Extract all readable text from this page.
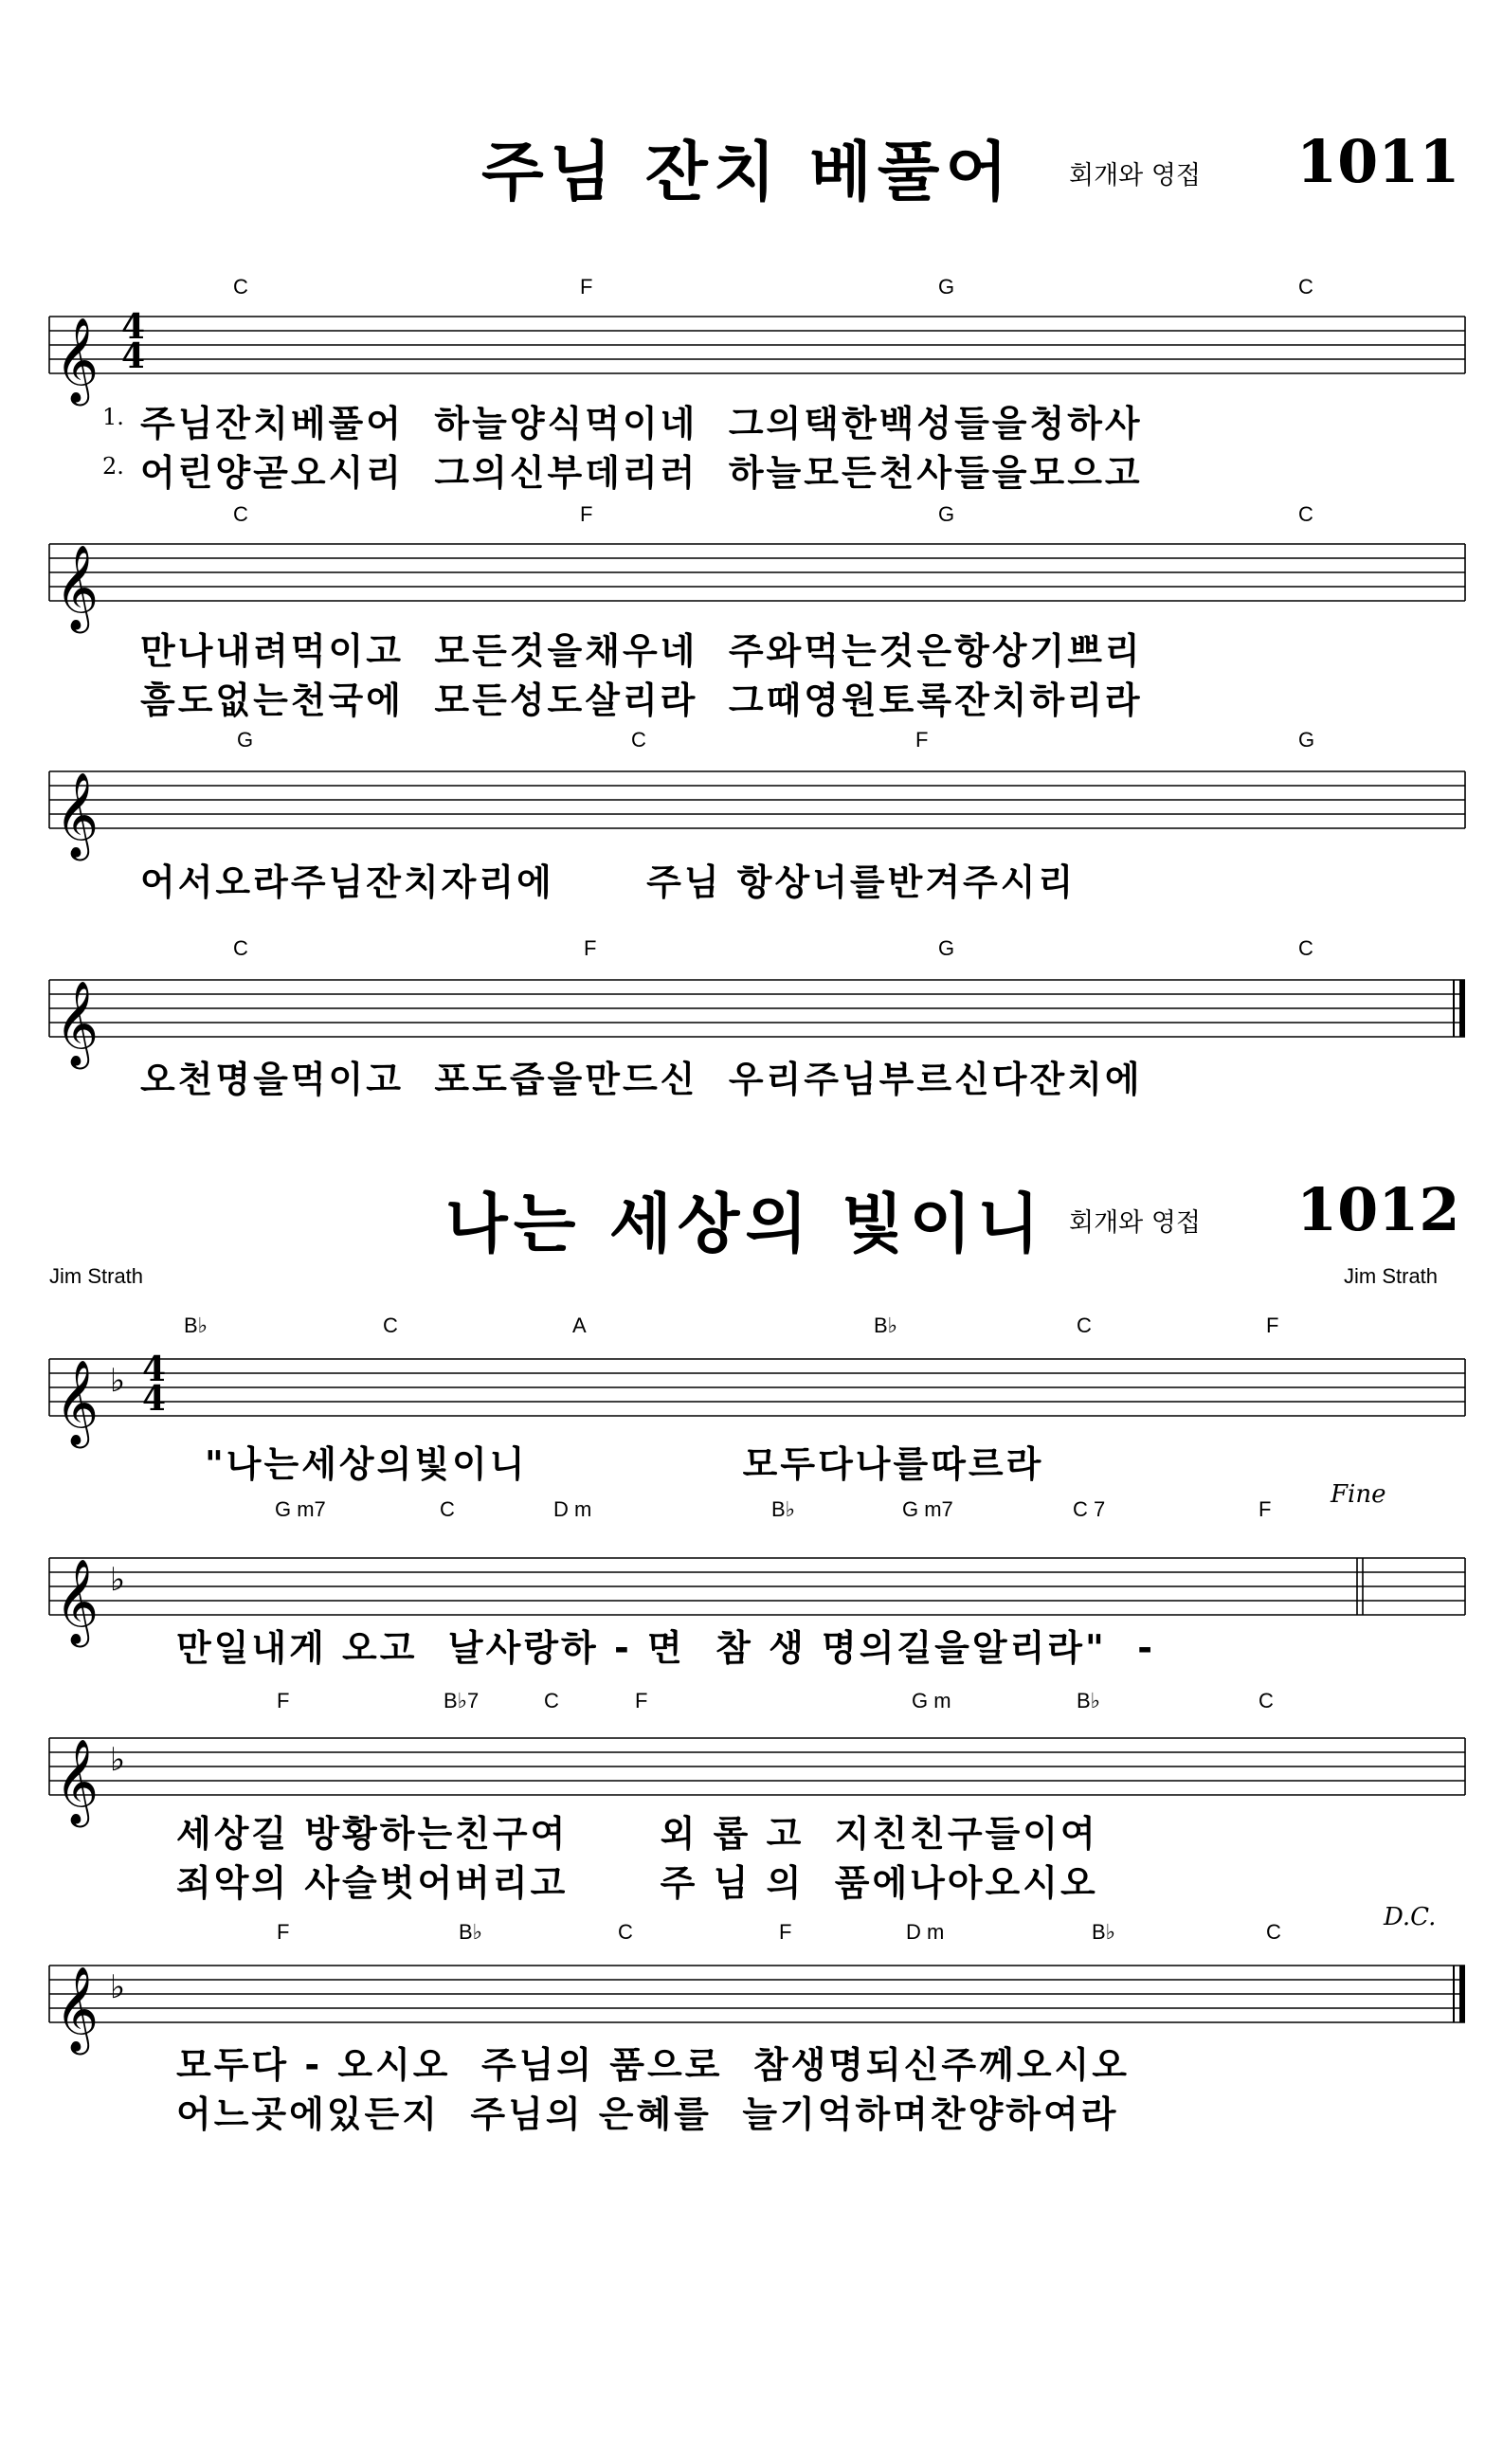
주님 잔치 베풀어 회개와 영접 1011
𝄞 4
4
C	F	G	C
1.
2.
주님잔치베풀어  하늘양식먹이네  그의택한백성들을청하사
어린양곧오시리  그의신부데리러  하늘모든천사들을모으고
𝄞
C	F	G	C
만나내려먹이고  모든것을채우네  주와먹는것은항상기쁘리
흠도없는천국에  모든성도살리라  그때영원토록잔치하리라
𝄞
G	C	F	G
어서오라주님잔치자리에      주님 항상너를반겨주시리
𝄞
C	F	G	C
오천명을먹이고  포도즙을만드신  우리주님부르신다잔치에
나는 세상의 빛이니 회개와 영접 1012
Jim Strath	Jim Strath
𝄞 ♭ 4
4
B♭	C	A	B♭	C	F
"나는세상의빛이니              모두다나를따르라
𝄞 ♭
G m7	C	D m	B♭	G m7	C 7	F
Fine
만일내게 오고  날사랑하 - 면  참 생 명의길을알리라"  -
𝄞 ♭
F	B♭7	C	F	G m	B♭	C
세상길 방황하는친구여      외 롭 고  지친친구들이여
죄악의 사슬벗어버리고      주 님 의  품에나아오시오
𝄞 ♭
D.C.
F	B♭	C	F	D m	B♭	C
모두다 - 오시오  주님의 품으로  참생명되신주께오시오
어느곳에있든지  주님의 은혜를  늘기억하며찬양하여라
